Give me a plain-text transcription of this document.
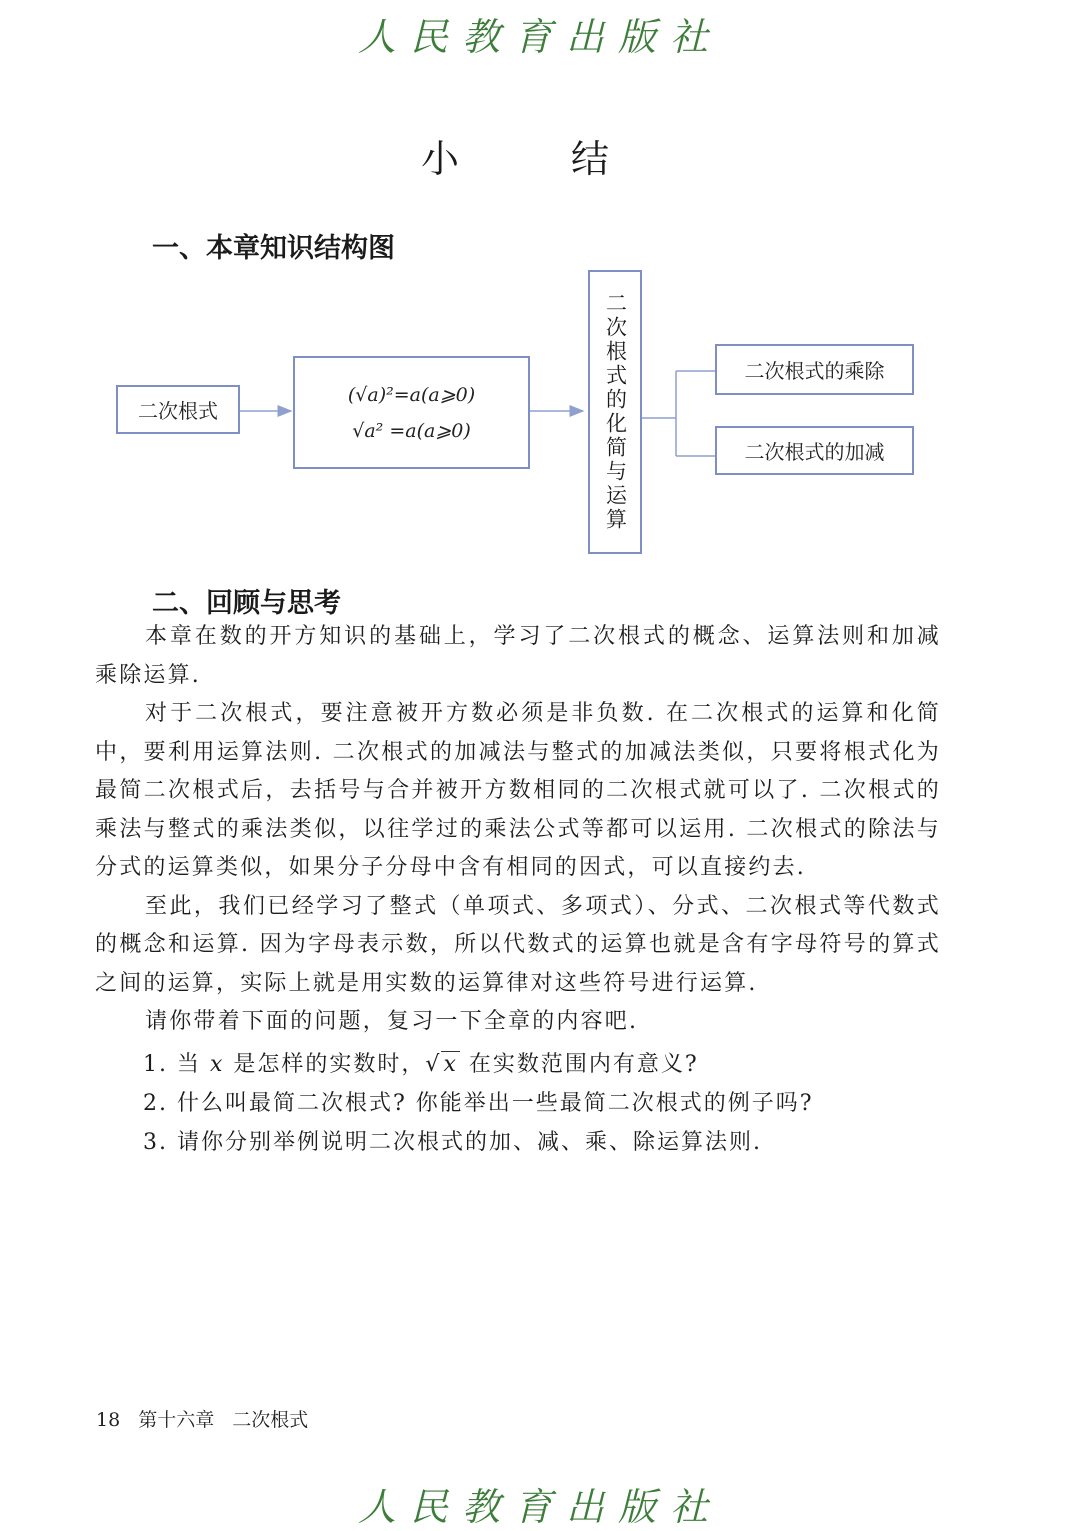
人民教育出版社
小 结
一、本章知识结构图
二次根式
(√a)²=a(a⩾0)
√a² =a(a⩾0)	二次根式的化简与运算	二次根式的乘除
二次根式的加减
二、回顾与思考

本章在数的开方知识的基础上，学习了二次根式的概念、运算法则和加减乘除运算.

对于二次根式，要注意被开方数必须是非负数. 在二次根式的运算和化简中，要利用运算法则. 二次根式的加减法与整式的加减法类似，只要将根式化为最简二次根式后，去括号与合并被开方数相同的二次根式就可以了. 二次根式的乘法与整式的乘法类似，以往学过的乘法公式等都可以运用. 二次根式的除法与分式的运算类似，如果分子分母中含有相同的因式，可以直接约去.

至此，我们已经学习了整式（单项式、多项式）、分式、二次根式等代数式的概念和运算. 因为字母表示数，所以代数式的运算也就是含有字母符号的算式之间的运算，实际上就是用实数的运算律对这些符号进行运算.

请你带着下面的问题，复习一下全章的内容吧.

1. 当 x 是怎样的实数时，√x 在实数范围内有意义?
2. 什么叫最简二次根式? 你能举出一些最简二次根式的例子吗?
3. 请你分别举例说明二次根式的加、减、乘、除运算法则.
18 第十六章 二次根式
人民教育出版社
